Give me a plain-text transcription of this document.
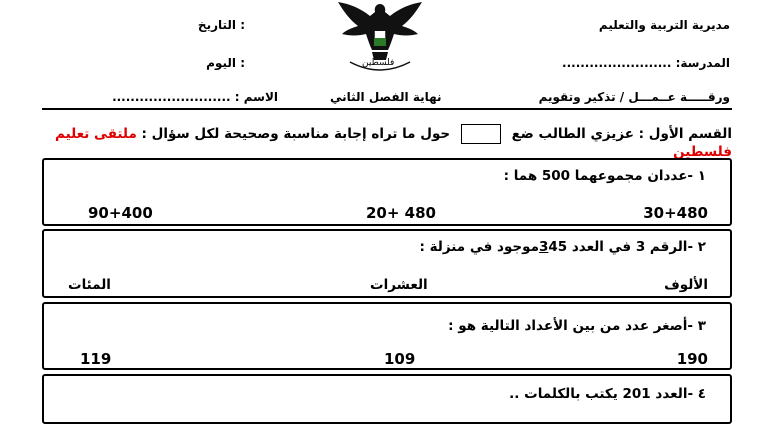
التاريخ :
اليوم :
الاسم : ..........................
مديرية التربية والتعليم
المدرسة: ........................
ورقـــــة عــمـــل / تذكير وتقويم
نهاية الفصل الثاني
فلسطين
القسم الأول : عزيزي الطالب ضع  حول ما تراه إجابة مناسبة وصحيحة لكل سؤال : ملتقى تعليم فلسطين
١ -عددان مجموعهما 500 هما :
30+480
20+ 480
90+400
٢ -الرقم 3 في العدد 345موجود في منزلة :
الألوف
العشرات
المئات
٣ -أصغر عدد من بين الأعداد التالية هو :
190
109
119
٤ -العدد 201 يكتب بالكلمات ..
